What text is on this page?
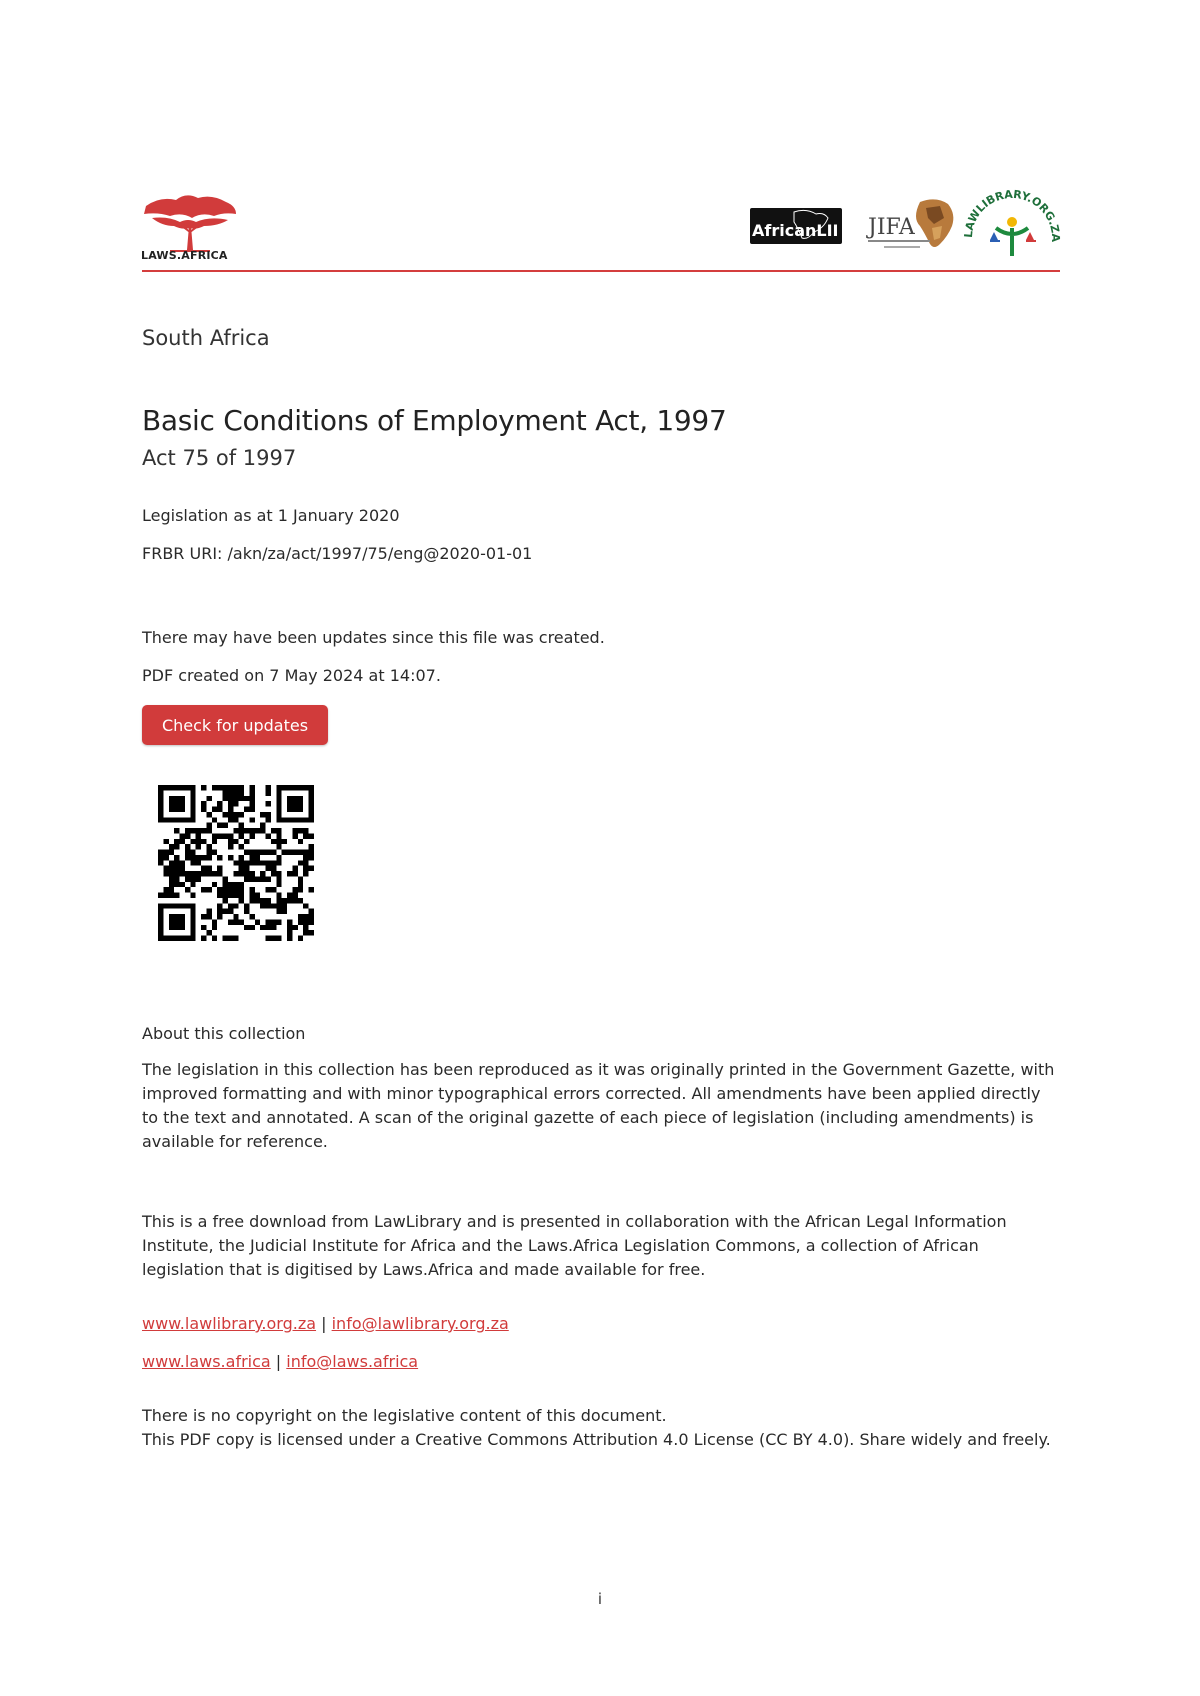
LAWS.AFRICA
AfricanLII JIFA	LAWLIBRARY.ORG.ZA
South Africa
Basic Conditions of Employment Act, 1997
Act 75 of 1997
Legislation as at 1 January 2020
FRBR URI: /akn/za/act/1997/75/eng@2020-01-01
There may have been updates since this file was created.
PDF created on 7 May 2024 at 14:07.
Check for updates
About this collection
The legislation in this collection has been reproduced as it was originally printed in the Government Gazette, with improved formatting and with minor typographical errors corrected. All amendments have been applied directly to the text and annotated. A scan of the original gazette of each piece of legislation (including amendments) is available for reference.
This is a free download from LawLibrary and is presented in collaboration with the African Legal Information Institute, the Judicial Institute for Africa and the Laws.Africa Legislation Commons, a collection of African legislation that is digitised by Laws.Africa and made available for free.
www.lawlibrary.org.za | info@lawlibrary.org.za
www.laws.africa | info@laws.africa
There is no copyright on the legislative content of this document.
This PDF copy is licensed under a Creative Commons Attribution 4.0 License (CC BY 4.0). Share widely and freely.
i
